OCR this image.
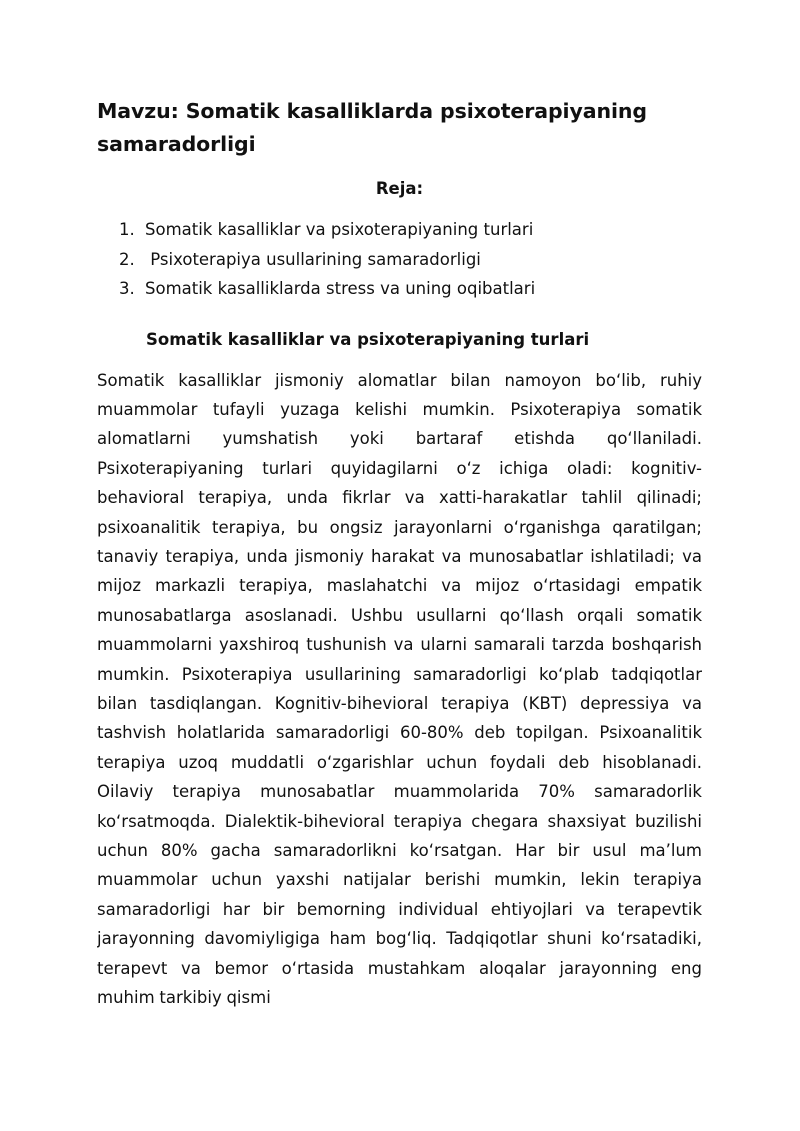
Mavzu: Somatik kasalliklarda psixoterapiyaning samaradorligi
Reja:
1. Somatik kasalliklar va psixoterapiyaning turlari
2. Psixoterapiya usullarining samaradorligi
3. Somatik kasalliklarda stress va uning oqibatlari
Somatik kasalliklar va psixoterapiyaning turlari

Somatik kasalliklar jismoniy alomatlar bilan namoyon bo‘lib, ruhiy muammolar tufayli yuzaga kelishi mumkin. Psixoterapiya somatik alomatlarni yumshatish yoki bartaraf etishda qo‘llaniladi. Psixoterapiyaning turlari quyidagilarni o‘z ichiga oladi: kognitiv-behavioral terapiya, unda fikrlar va xatti-harakatlar tahlil qilinadi; psixoanalitik terapiya, bu ongsiz jarayonlarni o‘rganishga qaratilgan; tanaviy terapiya, unda jismoniy harakat va munosabatlar ishlatiladi; va mijoz markazli terapiya, maslahatchi va mijoz o‘rtasidagi empatik munosabatlarga asoslanadi. Ushbu usullarni qo‘llash orqali somatik muammolarni yaxshiroq tushunish va ularni samarali tarzda boshqarish mumkin. Psixoterapiya usullarining samaradorligi ko‘plab tadqiqotlar bilan tasdiqlangan. Kognitiv-bihevioral terapiya (KBT) depressiya va tashvish holatlarida samaradorligi 60-80% deb topilgan. Psixoanalitik terapiya uzoq muddatli o‘zgarishlar uchun foydali deb hisoblanadi. Oilaviy terapiya munosabatlar muammolarida 70% samaradorlik ko‘rsatmoqda. Dialektik-bihevioral terapiya chegara shaxsiyat buzilishi uchun 80% gacha samaradorlikni ko‘rsatgan. Har bir usul ma’lum muammolar uchun yaxshi natijalar berishi mumkin, lekin terapiya samaradorligi har bir bemorning individual ehtiyojlari va terapevtik jarayonning davomiyligiga ham bog‘liq. Tadqiqotlar shuni ko‘rsatadiki, terapevt va bemor o‘rtasida mustahkam aloqalar jarayonning eng muhim tarkibiy qismi
